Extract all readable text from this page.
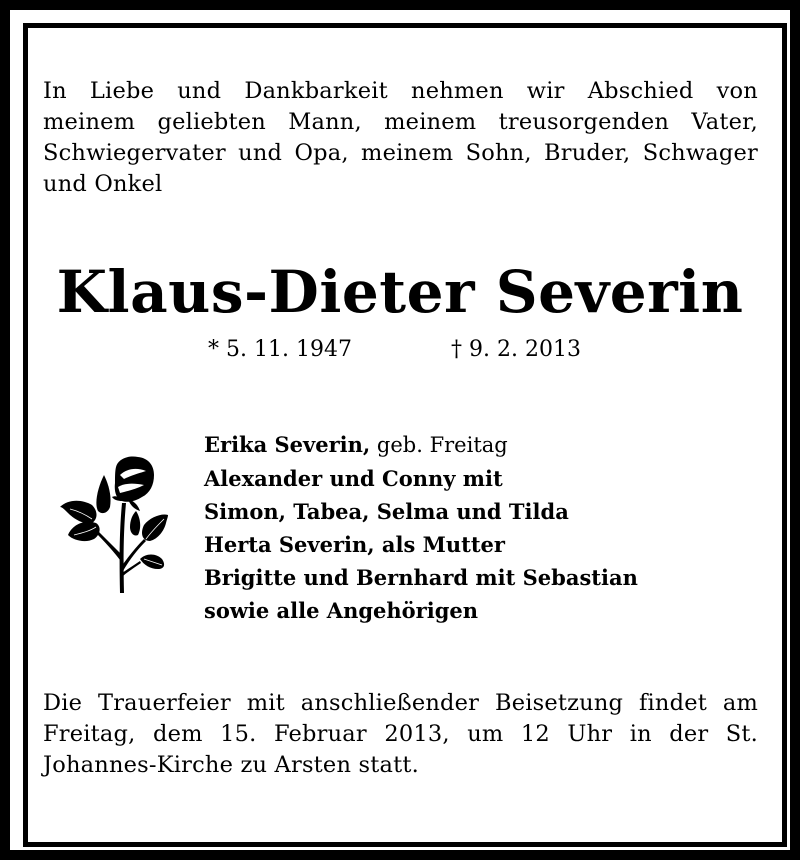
In Liebe und Dankbarkeit nehmen wir Abschied von
meinem geliebten Mann, meinem treusorgenden Vater,
Schwiegervater und Opa, meinem Sohn, Bruder, Schwager
und Onkel
Klaus-Dieter Severin
* 5. 11. 1947	† 9. 2. 2013
Erika Severin, geb. Freitag
Alexander und Conny mit
Simon, Tabea, Selma und Tilda
Herta Severin, als Mutter
Brigitte und Bernhard mit Sebastian
sowie alle Angehörigen
Die Trauerfeier mit anschließender Beisetzung findet am
Freitag, dem 15. Februar 2013, um 12 Uhr in der St.
Johannes-Kirche zu Arsten statt.
